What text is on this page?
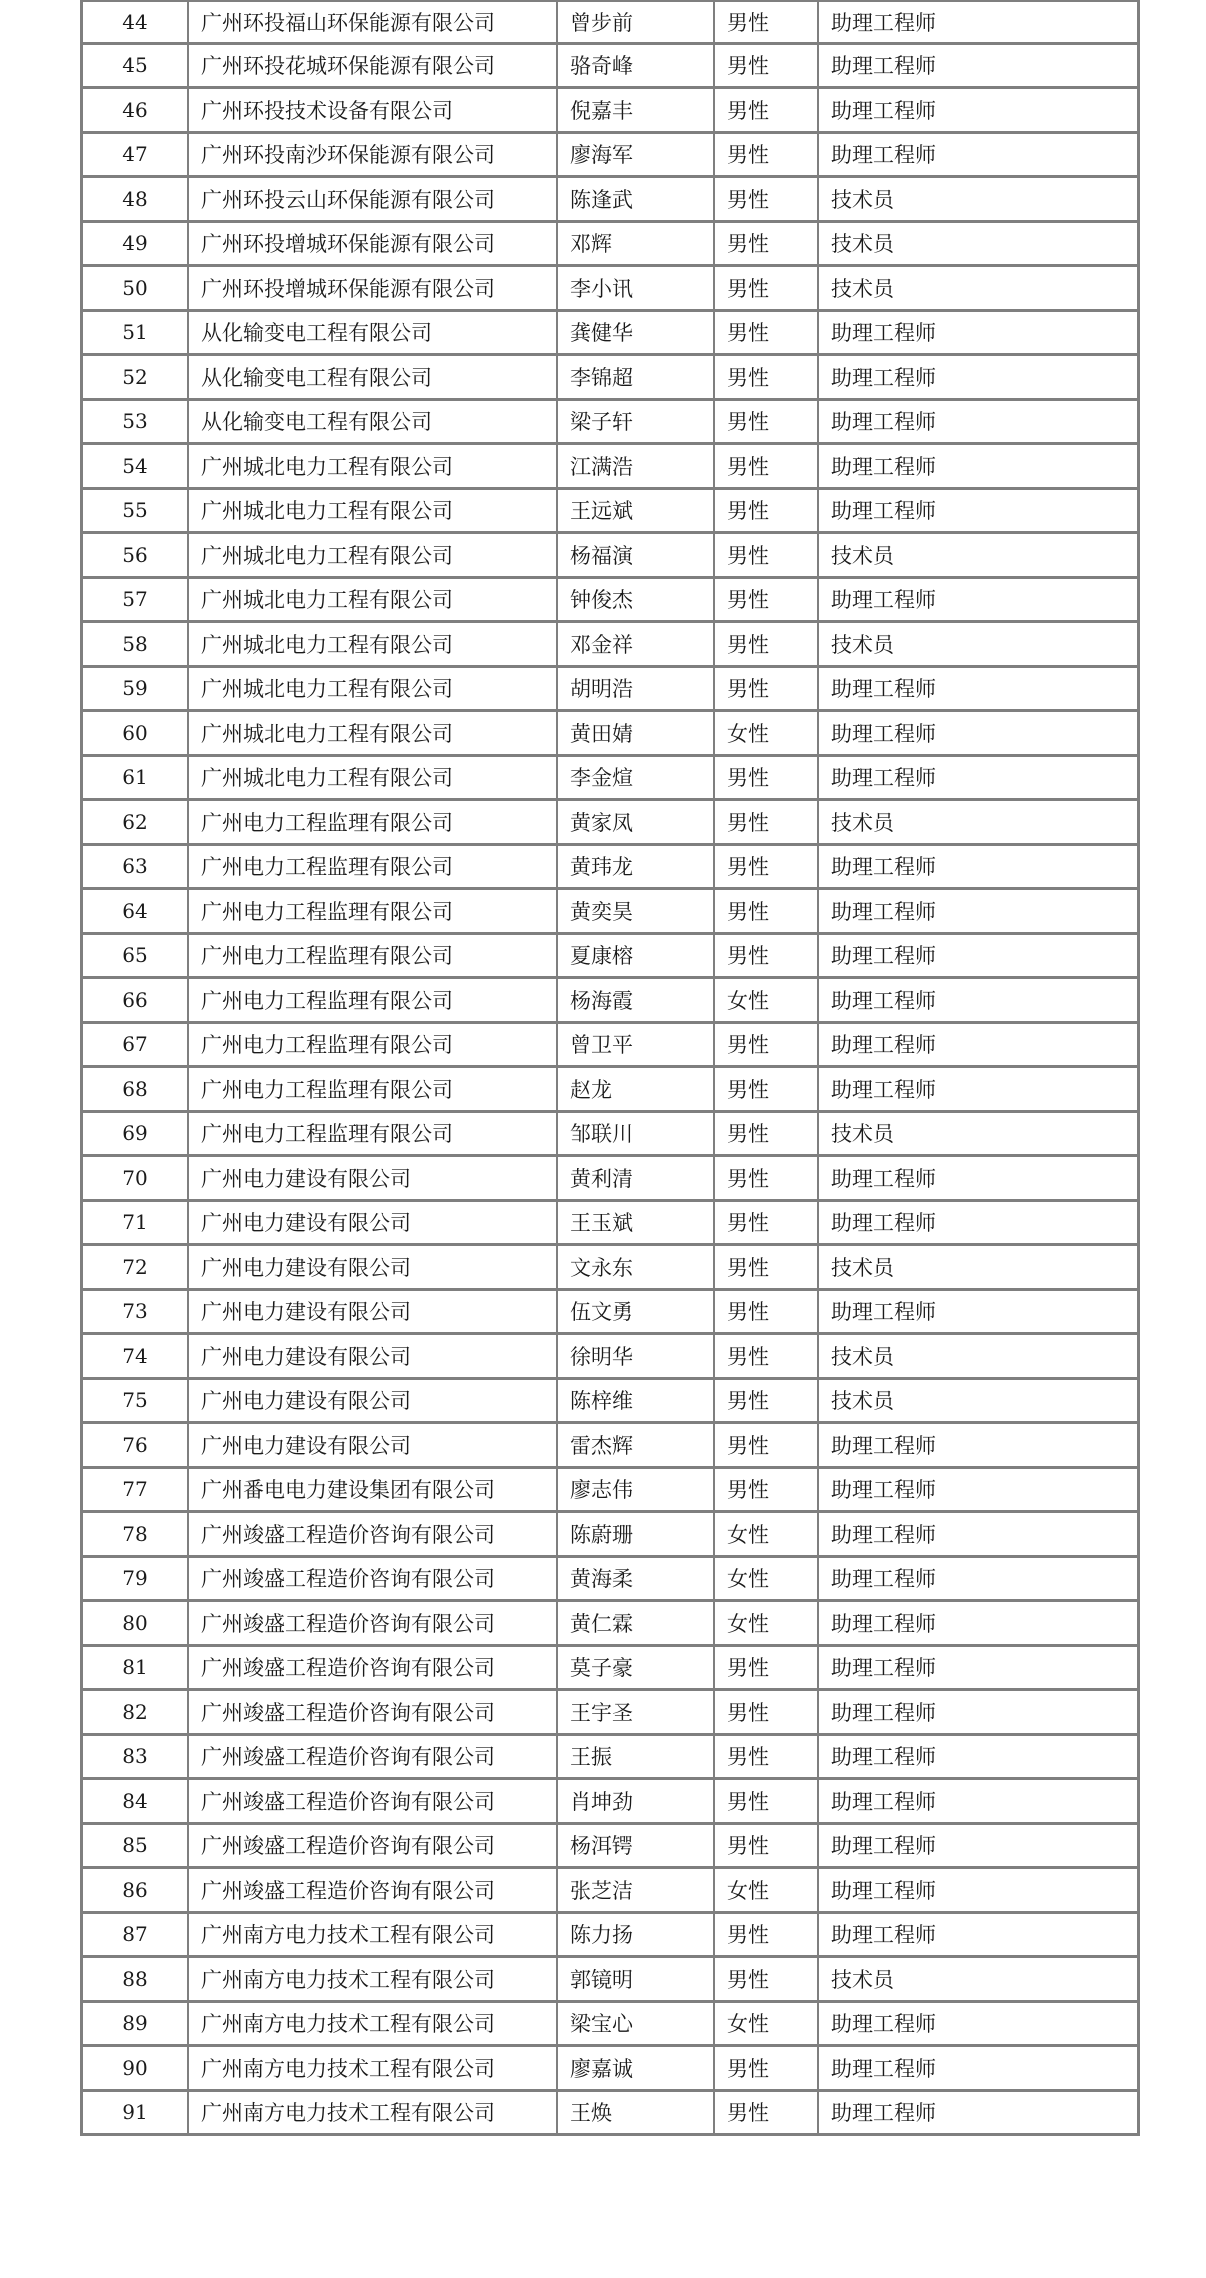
44	广州环投福山环保能源有限公司	曾步前	男性	助理工程师
45	广州环投花城环保能源有限公司	骆奇峰	男性	助理工程师
46	广州环投技术设备有限公司	倪嘉丰	男性	助理工程师
47	广州环投南沙环保能源有限公司	廖海军	男性	助理工程师
48	广州环投云山环保能源有限公司	陈逢武	男性	技术员
49	广州环投增城环保能源有限公司	邓辉	男性	技术员
50	广州环投增城环保能源有限公司	李小讯	男性	技术员
51	从化输变电工程有限公司	龚健华	男性	助理工程师
52	从化输变电工程有限公司	李锦超	男性	助理工程师
53	从化输变电工程有限公司	梁子轩	男性	助理工程师
54	广州城北电力工程有限公司	江满浩	男性	助理工程师
55	广州城北电力工程有限公司	王远斌	男性	助理工程师
56	广州城北电力工程有限公司	杨福演	男性	技术员
57	广州城北电力工程有限公司	钟俊杰	男性	助理工程师
58	广州城北电力工程有限公司	邓金祥	男性	技术员
59	广州城北电力工程有限公司	胡明浩	男性	助理工程师
60	广州城北电力工程有限公司	黄田婧	女性	助理工程师
61	广州城北电力工程有限公司	李金煊	男性	助理工程师
62	广州电力工程监理有限公司	黄家凤	男性	技术员
63	广州电力工程监理有限公司	黄玮龙	男性	助理工程师
64	广州电力工程监理有限公司	黄奕昊	男性	助理工程师
65	广州电力工程监理有限公司	夏康榕	男性	助理工程师
66	广州电力工程监理有限公司	杨海霞	女性	助理工程师
67	广州电力工程监理有限公司	曾卫平	男性	助理工程师
68	广州电力工程监理有限公司	赵龙	男性	助理工程师
69	广州电力工程监理有限公司	邹联川	男性	技术员
70	广州电力建设有限公司	黄利清	男性	助理工程师
71	广州电力建设有限公司	王玉斌	男性	助理工程师
72	广州电力建设有限公司	文永东	男性	技术员
73	广州电力建设有限公司	伍文勇	男性	助理工程师
74	广州电力建设有限公司	徐明华	男性	技术员
75	广州电力建设有限公司	陈梓维	男性	技术员
76	广州电力建设有限公司	雷杰辉	男性	助理工程师
77	广州番电电力建设集团有限公司	廖志伟	男性	助理工程师
78	广州竣盛工程造价咨询有限公司	陈蔚珊	女性	助理工程师
79	广州竣盛工程造价咨询有限公司	黄海柔	女性	助理工程师
80	广州竣盛工程造价咨询有限公司	黄仁霖	女性	助理工程师
81	广州竣盛工程造价咨询有限公司	莫子豪	男性	助理工程师
82	广州竣盛工程造价咨询有限公司	王宇圣	男性	助理工程师
83	广州竣盛工程造价咨询有限公司	王振	男性	助理工程师
84	广州竣盛工程造价咨询有限公司	肖坤劲	男性	助理工程师
85	广州竣盛工程造价咨询有限公司	杨洱锷	男性	助理工程师
86	广州竣盛工程造价咨询有限公司	张芝洁	女性	助理工程师
87	广州南方电力技术工程有限公司	陈力扬	男性	助理工程师
88	广州南方电力技术工程有限公司	郭镜明	男性	技术员
89	广州南方电力技术工程有限公司	梁宝心	女性	助理工程师
90	广州南方电力技术工程有限公司	廖嘉诚	男性	助理工程师
91	广州南方电力技术工程有限公司	王焕	男性	助理工程师
